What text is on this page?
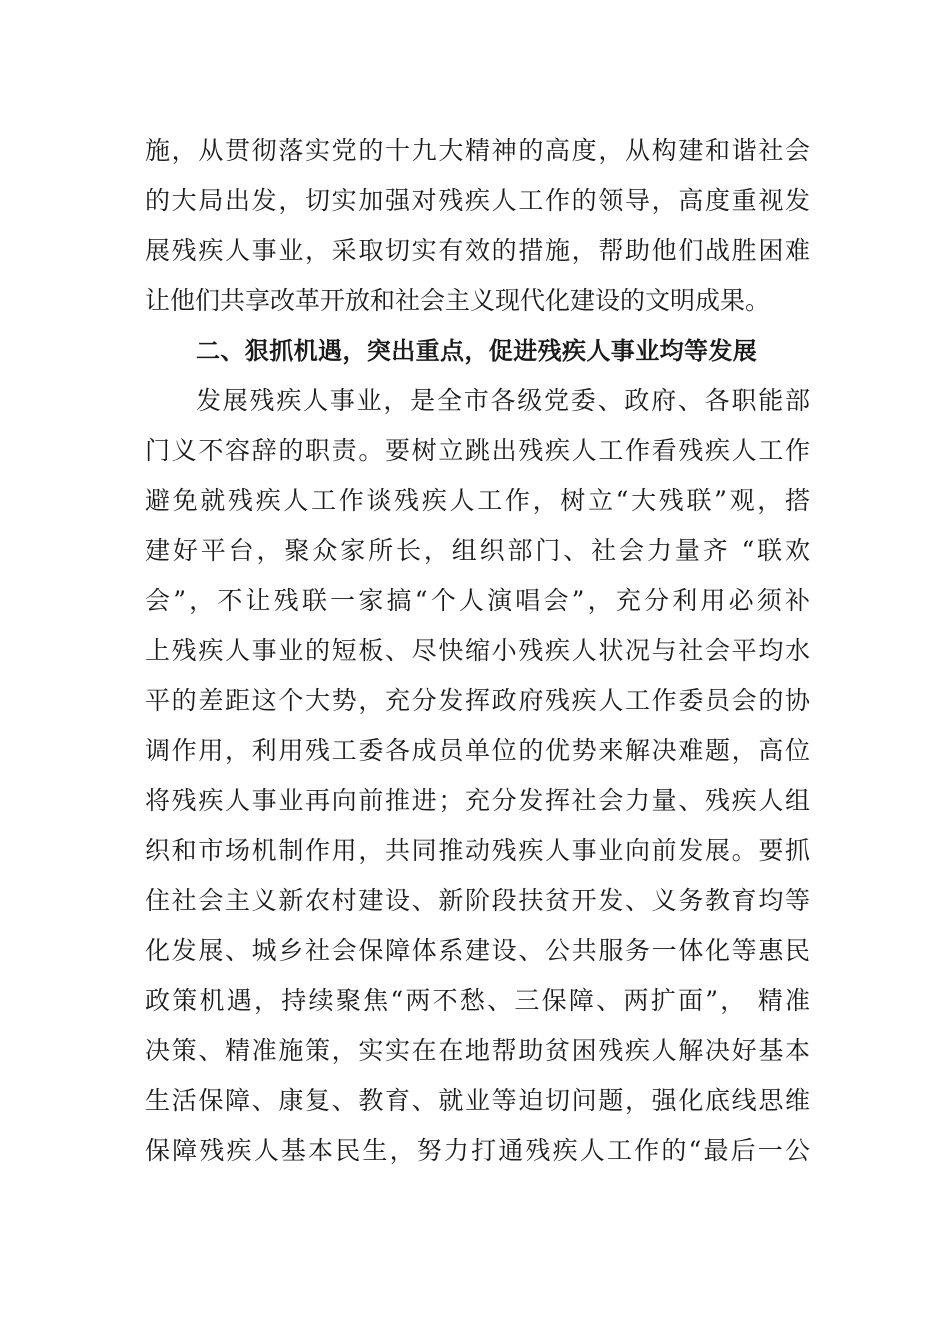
施，从贯彻落实党的十九大精神的高度，从构建和谐社会
的大局出发，切实加强对残疾人工作的领导，高度重视发
展残疾人事业，采取切实有效的措施，帮助他们战胜困难
让他们共享改革开放和社会主义现代化建设的文明成果。
二、狠抓机遇，突出重点，促进残疾人事业均等发展
发展残疾人事业，是全市各级党委、政府、各职能部
门义不容辞的职责。要树立跳出残疾人工作看残疾人工作
避免就残疾人工作谈残疾人工作，树立“大残联”观，搭
建好平台，聚众家所长，组织部门、社会力量齐 “联欢
会”，不让残联一家搞“个人演唱会”，充分利用必须补
上残疾人事业的短板、尽快缩小残疾人状况与社会平均水
平的差距这个大势，充分发挥政府残疾人工作委员会的协
调作用，利用残工委各成员单位的优势来解决难题，高位
将残疾人事业再向前推进；充分发挥社会力量、残疾人组
织和市场机制作用，共同推动残疾人事业向前发展。要抓
住社会主义新农村建设、新阶段扶贫开发、义务教育均等
化发展、城乡社会保障体系建设、公共服务一体化等惠民
政策机遇，持续聚焦“两不愁、三保障、两扩面”， 精准
决策、精准施策，实实在在地帮助贫困残疾人解决好基本
生活保障、康复、教育、就业等迫切问题，强化底线思维
保障残疾人基本民生，努力打通残疾人工作的“最后一公
